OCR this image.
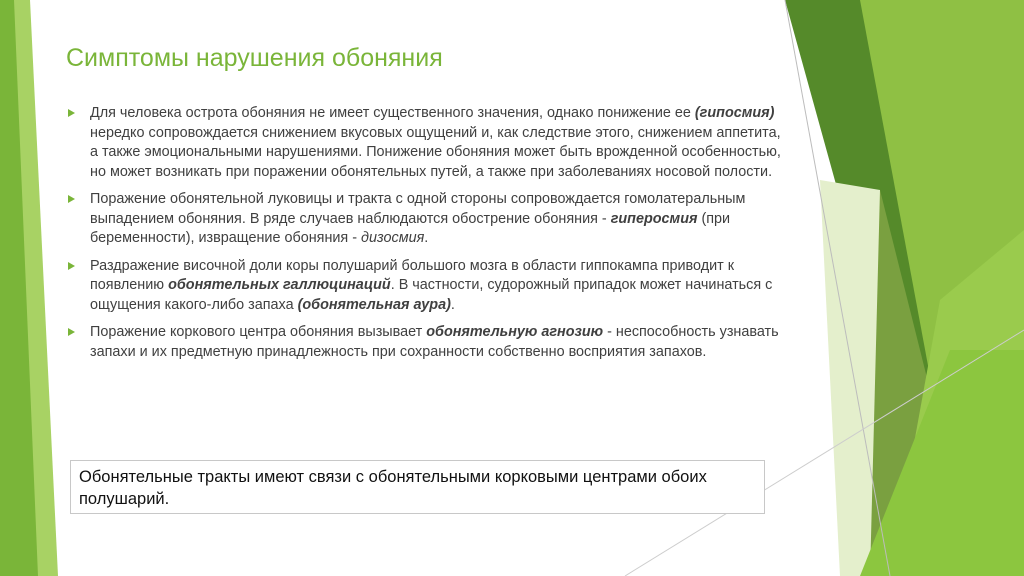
Симптомы нарушения обоняния
Для человека острота обоняния не имеет существенного значения, однако понижение ее (гипосмия) нередко сопровождается снижением вкусовых ощущений и, как следствие этого, снижением аппетита, а также эмоциональными нарушениями. Понижение обоняния может быть врожденной особенностью, но может возникать при поражении обонятельных путей, а также при заболеваниях носовой полости.
Поражение обонятельной луковицы и тракта с одной стороны сопровождается гомолатеральным выпадением обоняния. В ряде случаев наблюдаются обострение обоняния - гиперосмия (при беременности), извращение обоняния - дизосмия.
Раздражение височной доли коры полушарий большого мозга в области гиппокампа приводит к появлению обонятельных галлюцинаций. В частности, судорожный припадок может начинаться с ощущения какого-либо запаха (обонятельная аура).
Поражение коркового центра обоняния вызывает обонятельную агнозию - неспособность узнавать запахи и их предметную принадлежность при сохранности собственно восприятия запахов.
Обонятельные тракты имеют связи с обонятельными корковыми центрами обоих полушарий.
